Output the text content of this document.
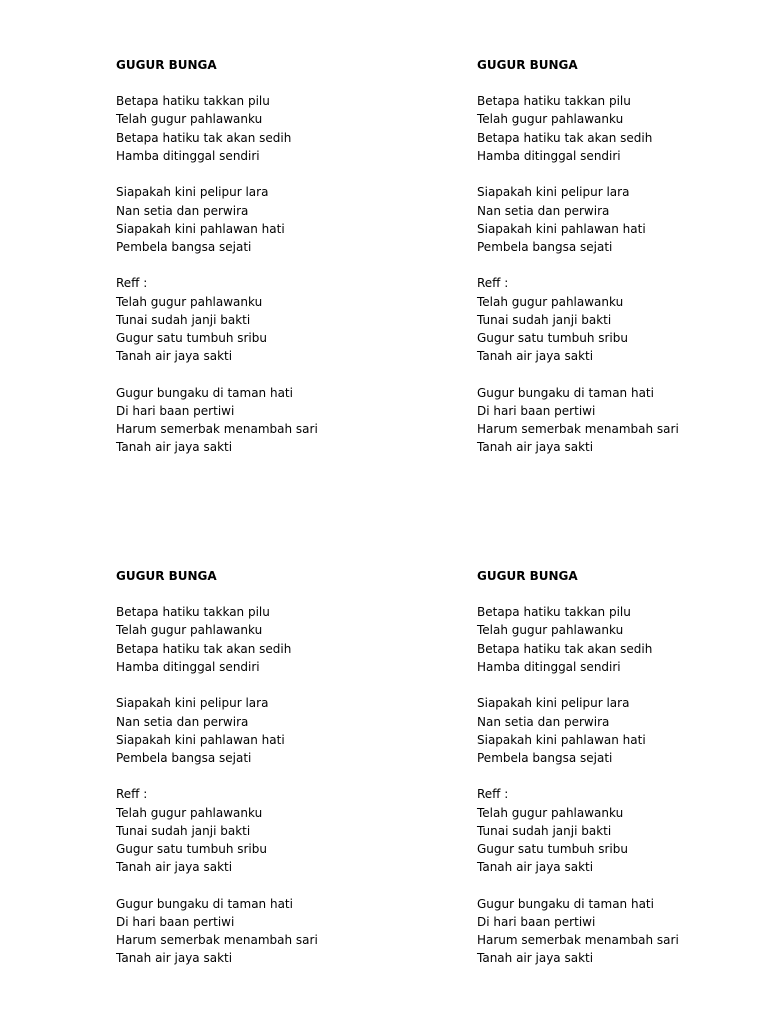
GUGUR BUNGA
Betapa hatiku takkan pilu
Telah gugur pahlawanku
Betapa hatiku tak akan sedih
Hamba ditinggal sendiri
Siapakah kini pelipur lara
Nan setia dan perwira
Siapakah kini pahlawan hati
Pembela bangsa sejati
Reff :
Telah gugur pahlawanku
Tunai sudah janji bakti
Gugur satu tumbuh sribu
Tanah air jaya sakti
Gugur bungaku di taman hati
Di hari baan pertiwi
Harum semerbak menambah sari
Tanah air jaya sakti
GUGUR BUNGA
Betapa hatiku takkan pilu
Telah gugur pahlawanku
Betapa hatiku tak akan sedih
Hamba ditinggal sendiri
Siapakah kini pelipur lara
Nan setia dan perwira
Siapakah kini pahlawan hati
Pembela bangsa sejati
Reff :
Telah gugur pahlawanku
Tunai sudah janji bakti
Gugur satu tumbuh sribu
Tanah air jaya sakti
Gugur bungaku di taman hati
Di hari baan pertiwi
Harum semerbak menambah sari
Tanah air jaya sakti
GUGUR BUNGA
Betapa hatiku takkan pilu
Telah gugur pahlawanku
Betapa hatiku tak akan sedih
Hamba ditinggal sendiri
Siapakah kini pelipur lara
Nan setia dan perwira
Siapakah kini pahlawan hati
Pembela bangsa sejati
Reff :
Telah gugur pahlawanku
Tunai sudah janji bakti
Gugur satu tumbuh sribu
Tanah air jaya sakti
Gugur bungaku di taman hati
Di hari baan pertiwi
Harum semerbak menambah sari
Tanah air jaya sakti
GUGUR BUNGA
Betapa hatiku takkan pilu
Telah gugur pahlawanku
Betapa hatiku tak akan sedih
Hamba ditinggal sendiri
Siapakah kini pelipur lara
Nan setia dan perwira
Siapakah kini pahlawan hati
Pembela bangsa sejati
Reff :
Telah gugur pahlawanku
Tunai sudah janji bakti
Gugur satu tumbuh sribu
Tanah air jaya sakti
Gugur bungaku di taman hati
Di hari baan pertiwi
Harum semerbak menambah sari
Tanah air jaya sakti
